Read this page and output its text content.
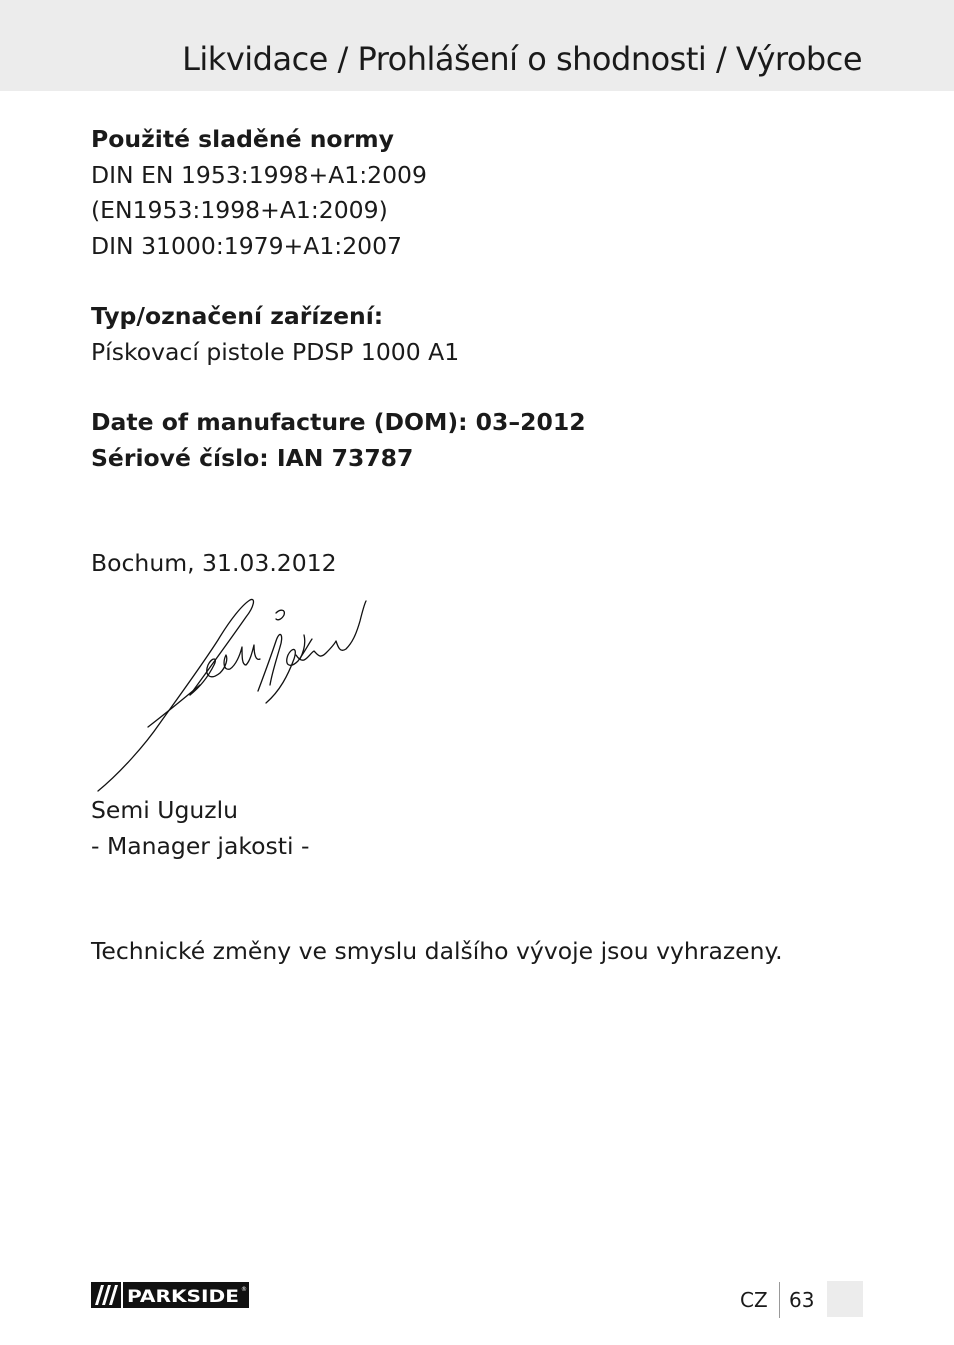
Likvidace / Prohlášení o shodnosti / Výrobce
Použité sladěné normy
DIN EN 1953:1998+A1:2009
(EN1953:1998+A1:2009)
DIN 31000:1979+A1:2007
Typ/označení zařízení:
Pískovací pistole PDSP 1000 A1
Date of manufacture (DOM): 03–2012
Sériové číslo: IAN 73787
Bochum, 31.03.2012
Semi Uguzlu
- Manager jakosti -
Technické změny ve smyslu dalšího vývoje jsou vyhrazeny.
PARKSIDE ®	CZ 63
